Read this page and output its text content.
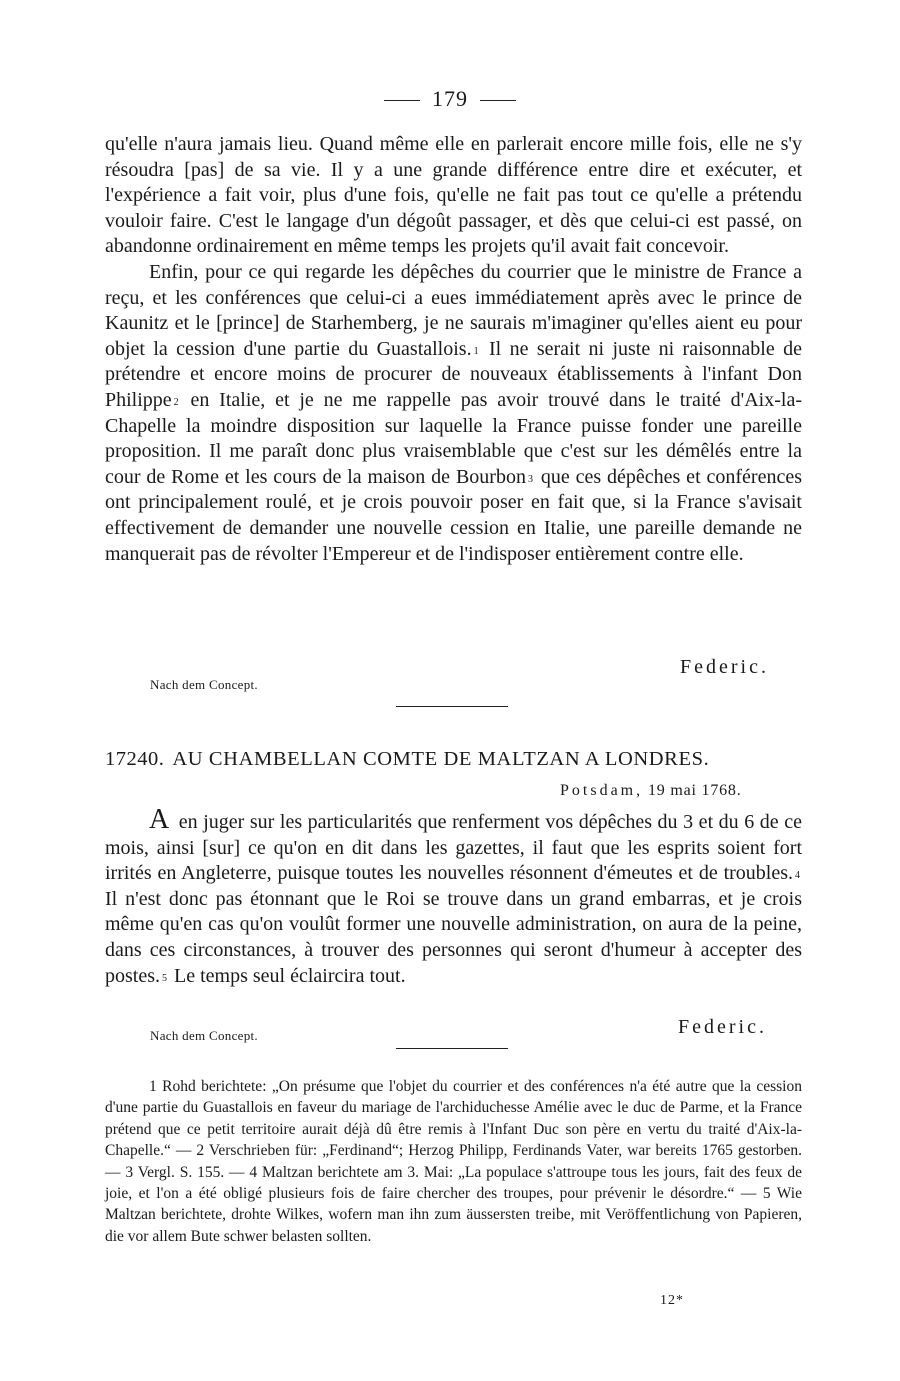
179

qu'elle n'aura jamais lieu. Quand même elle en parlerait encore mille fois, elle ne s'y résoudra [pas] de sa vie. Il y a une grande différence entre dire et exécuter, et l'expérience a fait voir, plus d'une fois, qu'elle ne fait pas tout ce qu'elle a prétendu vouloir faire. C'est le langage d'un dégoût passager, et dès que celui-ci est passé, on abandonne ordinairement en même temps les projets qu'il avait fait concevoir.

Enfin, pour ce qui regarde les dépêches du courrier que le ministre de France a reçu, et les conférences que celui-ci a eues immédiatement après avec le prince de Kaunitz et le [prince] de Starhemberg, je ne saurais m'imaginer qu'elles aient eu pour objet la cession d'une partie du Guastallois. $^1$ Il ne serait ni juste ni raisonnable de prétendre et encore moins de procurer de nouveaux établissements à l'infant Don Philippe $^2$ en Italie, et je ne me rappelle pas avoir trouvé dans le traité d'Aix-la-Chapelle la moindre disposition sur laquelle la France puisse fonder une pareille proposition. Il me paraît donc plus vraisemblable que c'est sur les démêlés entre la cour de Rome et les cours de la maison de Bourbon $^3$ que ces dépêches et conférences ont principalement roulé, et je crois pouvoir poser en fait que, si la France s'avisait effectivement de demander une nouvelle cession en Italie, une pareille demande ne manquerait pas de révolter l'Empereur et de l'indisposer entièrement contre elle.

Federic.
Nach dem Concept.
17240. AU CHAMBELLAN COMTE DE MALTZAN A LONDRES.
Potsdam, 19 mai 1768.

A en juger sur les particularités que renferment vos dépêches du 3 et du 6 de ce mois, ainsi [sur] ce qu'on en dit dans les gazettes, il faut que les esprits soient fort irrités en Angleterre, puisque toutes les nouvelles résonnent d'émeutes et de troubles. $^4$ Il n'est donc pas étonnant que le Roi se trouve dans un grand embarras, et je crois même qu'en cas qu'on voulût former une nouvelle administration, on aura de la peine, dans ces circonstances, à trouver des personnes qui seront d'humeur à accepter des postes. $^5$ Le temps seul éclaircira tout.

Federic.
Nach dem Concept.

1 Rohd berichtete: „On présume que l'objet du courrier et des conférences n'a été autre que la cession d'une partie du Guastallois en faveur du mariage de l'archiduchesse Amélie avec le duc de Parme, et la France prétend que ce petit territoire aurait déjà dû être remis à l'Infant Duc son père en vertu du traité d'Aix-la-Chapelle.“ — 2 Verschrieben für: „Ferdinand“; Herzog Philipp, Ferdinands Vater, war bereits 1765 gestorben. — 3 Vergl. S. 155. — 4 Maltzan berichtete am 3. Mai: „La populace s'attroupe tous les jours, fait des feux de joie, et l'on a été obligé plusieurs fois de faire chercher des troupes, pour prévenir le désordre.“ — 5 Wie Maltzan berichtete, drohte Wilkes, wofern man ihn zum äussersten treibe, mit Veröffentlichung von Papieren, die vor allem Bute schwer belasten sollten.

12*
